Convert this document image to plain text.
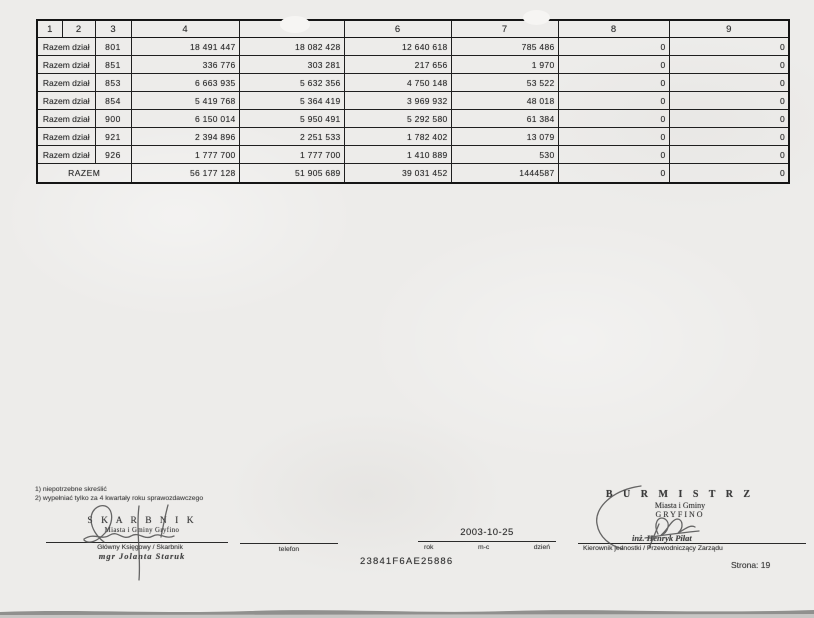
1	2	3	4		6	7	8	9
Razem dział		801	18 491 447	18 082 428	12 640 618	785 486	0	0
Razem dział		851	336 776	303 281	217 656	1 970	0	0
Razem dział		853	6 663 935	5 632 356	4 750 148	53 522	0	0
Razem dział		854	5 419 768	5 364 419	3 969 932	48 018	0	0
Razem dział		900	6 150 014	5 950 491	5 292 580	61 384	0	0
Razem dział		921	2 394 896	2 251 533	1 782 402	13 079	0	0
Razem dział		926	1 777 700	1 777 700	1 410 889	530	0	0
RAZEM			56 177 128	51 905 689	39 031 452	1444587	0	0
1) niepotrzebne skreślić
2) wypełniać tylko za 4 kwartały roku sprawozdawczego
S K A R B N I K
Miasta i Gminy Gryfino
Główny Księgowy / Skarbnik
mgr Jolanta Staruk
telefon
2003-10-25
rok	m-c	dzień
23841F6AE25886
B U R M I S T R Z
Miasta i Gminy
GRYFINO
inż. Henryk Piłat
Kierownik jednostki / Przewodniczący Zarządu
Strona: 19
